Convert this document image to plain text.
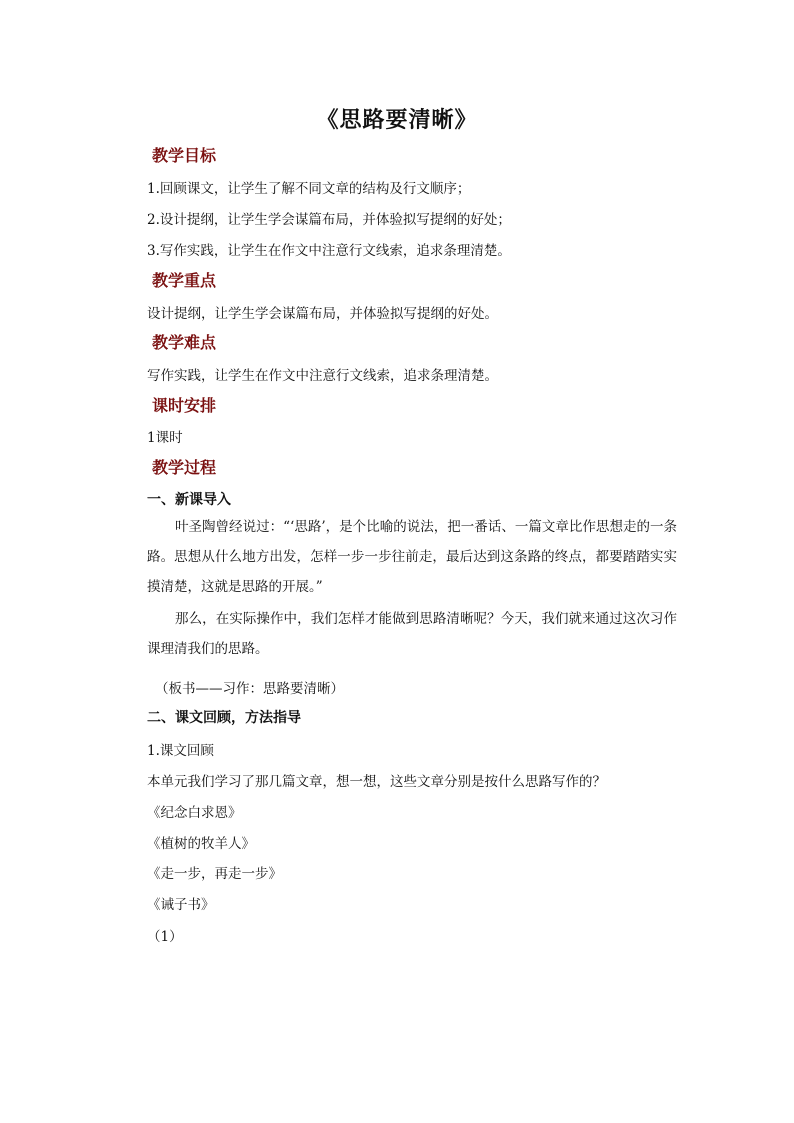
《思路要清晰》
教学目标
1.回顾课文，让学生了解不同文章的结构及行文顺序；
2.设计提纲，让学生学会谋篇布局，并体验拟写提纲的好处；
3.写作实践，让学生在作文中注意行文线索，追求条理清楚。
教学重点
设计提纲，让学生学会谋篇布局，并体验拟写提纲的好处。
教学难点
写作实践，让学生在作文中注意行文线索，追求条理清楚。
课时安排
1课时
教学过程
一、新课导入
叶圣陶曾经说过：“‘思路’，是个比喻的说法，把一番话、一篇文章比作思想走的一条路。思想从什么地方出发，怎样一步一步往前走，最后达到这条路的终点，都要踏踏实实摸清楚，这就是思路的开展。”
那么，在实际操作中，我们怎样才能做到思路清晰呢？今天，我们就来通过这次习作课理清我们的思路。
（板书——习作：思路要清晰）
二、课文回顾，方法指导
1.课文回顾
本单元我们学习了那几篇文章，想一想，这些文章分别是按什么思路写作的？
《纪念白求恩》
《植树的牧羊人》
《走一步，再走一步》
《诫子书》
（1）
